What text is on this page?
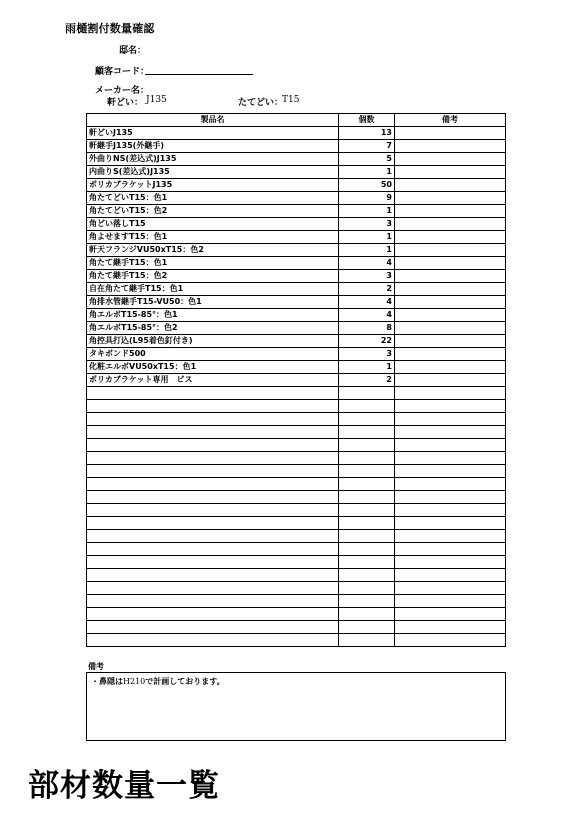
雨樋割付数量確認
邸名：
顧客コード：
メーカー名：
軒どい： J135	たてどい：
T15
製品名	個数	備考
軒どいJ135	13	
軒継手J135(外継手)	7	
外曲りNS(差込式)J135	5	
内曲りS(差込式)J135	1	
ポリカブラケットJ135	50	
角たてどいT15：色1	9	
角たてどいT15：色2	1	
角どい落しT15	3	
角よせますT15：色1	1	
軒天フランジVU50xT15：色2	1	
角たて継手T15：色1	4	
角たて継手T15：色2	3	
自在角たて継手T15：色1	2	
角排水管継手T15-VU50：色1	4	
角エルボT15-85°：色1	4	
角エルボT15-85°：色2	8	
角控具打込(L95着色釘付き)	22	
タキボンド500	3	
化粧エルボVU50xT15：色1	1	
ポリカブラケット専用　ビス	2	

備考
・鼻隠はH210で計画しております。
部材数量一覧
